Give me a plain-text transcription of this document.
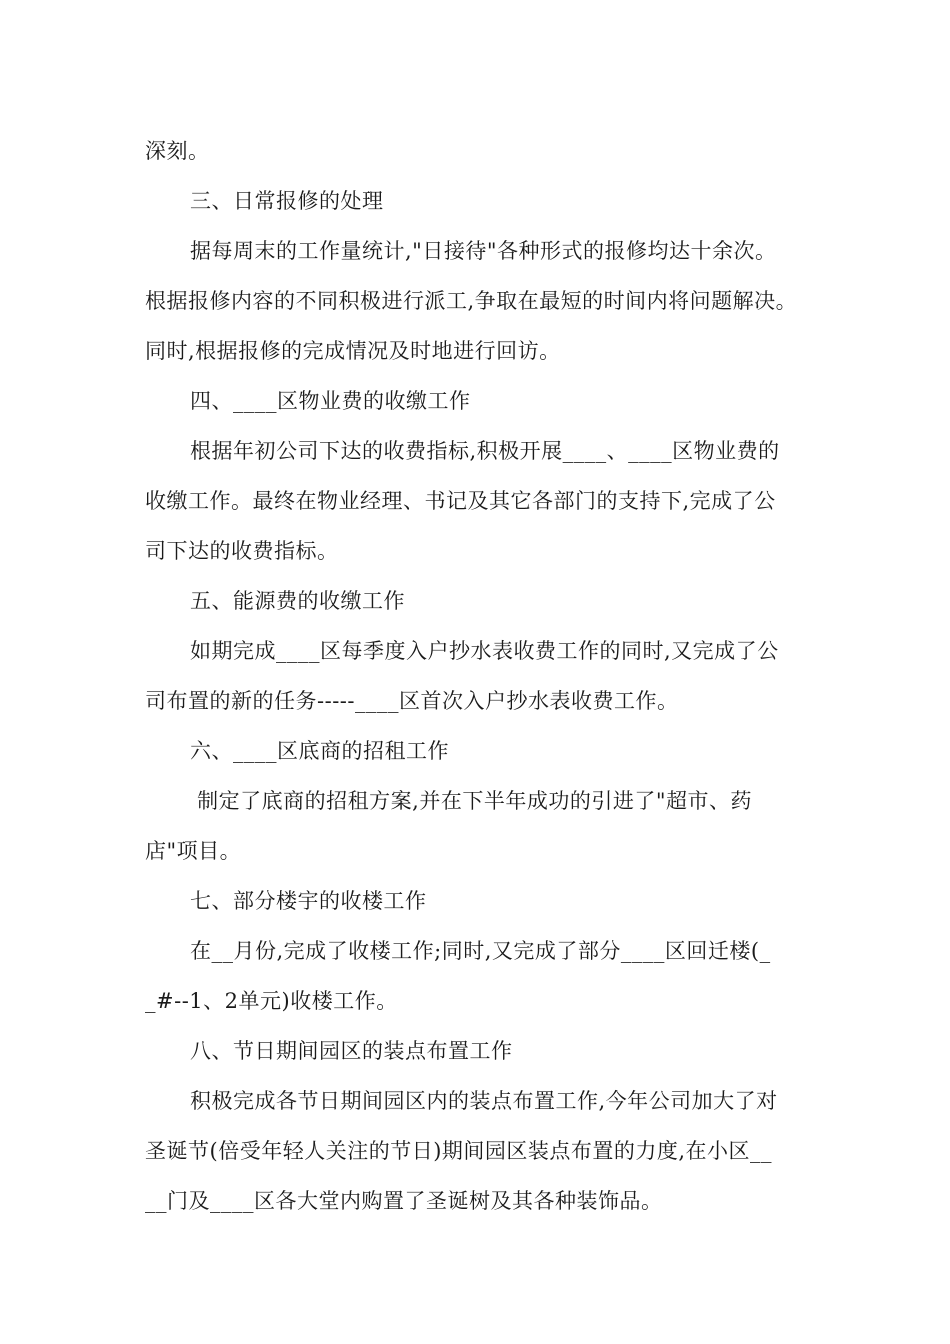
深刻。
三、日常报修的处理
据每周末的工作量统计,"日接待"各种形式的报修均达十余次。
根据报修内容的不同积极进行派工,争取在最短的时间内将问题解决。
同时,根据报修的完成情况及时地进行回访。
四、____区物业费的收缴工作
根据年初公司下达的收费指标,积极开展____、____区物业费的
收缴工作。最终在物业经理、书记及其它各部门的支持下,完成了公
司下达的收费指标。
五、能源费的收缴工作
如期完成____区每季度入户抄水表收费工作的同时,又完成了公
司布置的新的任务-----____区首次入户抄水表收费工作。
六、____区底商的招租工作
制定了底商的招租方案,并在下半年成功的引进了"超市、药
店"项目。
七、部分楼宇的收楼工作
在__月份,完成了收楼工作;同时,又完成了部分____区回迁楼(_
_#--1、2单元)收楼工作。
八、节日期间园区的装点布置工作
积极完成各节日期间园区内的装点布置工作,今年公司加大了对
圣诞节(倍受年轻人关注的节日)期间园区装点布置的力度,在小区__
__门及____区各大堂内购置了圣诞树及其各种装饰品。
